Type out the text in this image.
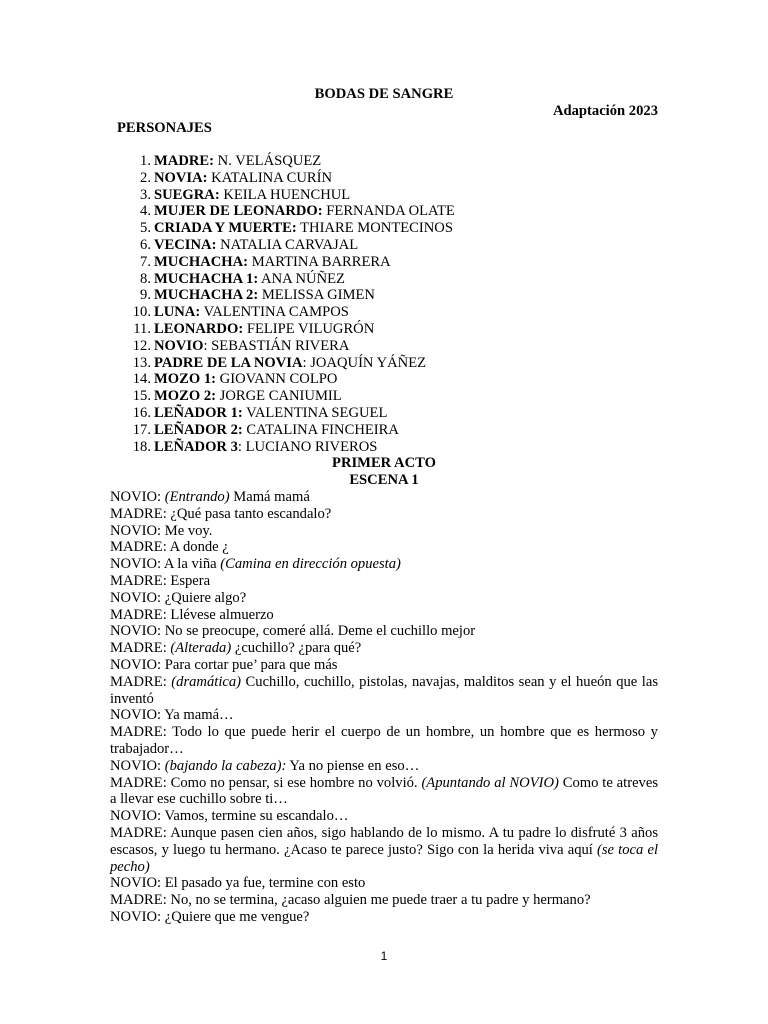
BODAS DE SANGRE
Adaptación 2023
PERSONAJES
1. MADRE: N. VELÁSQUEZ
2. NOVIA: KATALINA CURÍN
3. SUEGRA: KEILA HUENCHUL
4. MUJER DE LEONARDO: FERNANDA OLATE
5. CRIADA Y MUERTE: THIARE MONTECINOS
6. VECINA: NATALIA CARVAJAL
7. MUCHACHA: MARTINA BARRERA
8. MUCHACHA 1: ANA NÚÑEZ
9. MUCHACHA 2: MELISSA GIMEN
10. LUNA: VALENTINA CAMPOS
11. LEONARDO: FELIPE VILUGRÓN
12. NOVIO: SEBASTIÁN RIVERA
13. PADRE DE LA NOVIA: JOAQUÍN YÁÑEZ
14. MOZO 1: GIOVANN COLPO
15. MOZO 2: JORGE CANIUMIL
16. LEÑADOR 1: VALENTINA SEGUEL
17. LEÑADOR 2: CATALINA FINCHEIRA
18. LEÑADOR 3: LUCIANO RIVEROS
PRIMER ACTO
ESCENA 1

NOVIO: (Entrando) Mamá mamá

MADRE: ¿Qué pasa tanto escandalo?

NOVIO: Me voy.

MADRE: A donde ¿

NOVIO: A la viña (Camina en dirección opuesta)

MADRE: Espera

NOVIO: ¿Quiere algo?

MADRE: Llévese almuerzo

NOVIO: No se preocupe, comeré allá. Deme el cuchillo mejor

MADRE: (Alterada) ¿cuchillo? ¿para qué?

NOVIO: Para cortar pue’ para que más

MADRE: (dramática) Cuchillo, cuchillo, pistolas, navajas, malditos sean y el hueón que las inventó

NOVIO: Ya mamá…

MADRE: Todo lo que puede herir el cuerpo de un hombre, un hombre que es hermoso y trabajador…

NOVIO: (bajando la cabeza): Ya no piense en eso…

MADRE: Como no pensar, si ese hombre no volvió. (Apuntando al NOVIO) Como te atreves a llevar ese cuchillo sobre ti…

NOVIO: Vamos, termine su escandalo…

MADRE: Aunque pasen cien años, sigo hablando de lo mismo. A tu padre lo disfruté 3 años escasos, y luego tu hermano. ¿Acaso te parece justo? Sigo con la herida viva aquí (se toca el pecho)

NOVIO: El pasado ya fue, termine con esto

MADRE: No, no se termina, ¿acaso alguien me puede traer a tu padre y hermano?

NOVIO: ¿Quiere que me vengue?

1
